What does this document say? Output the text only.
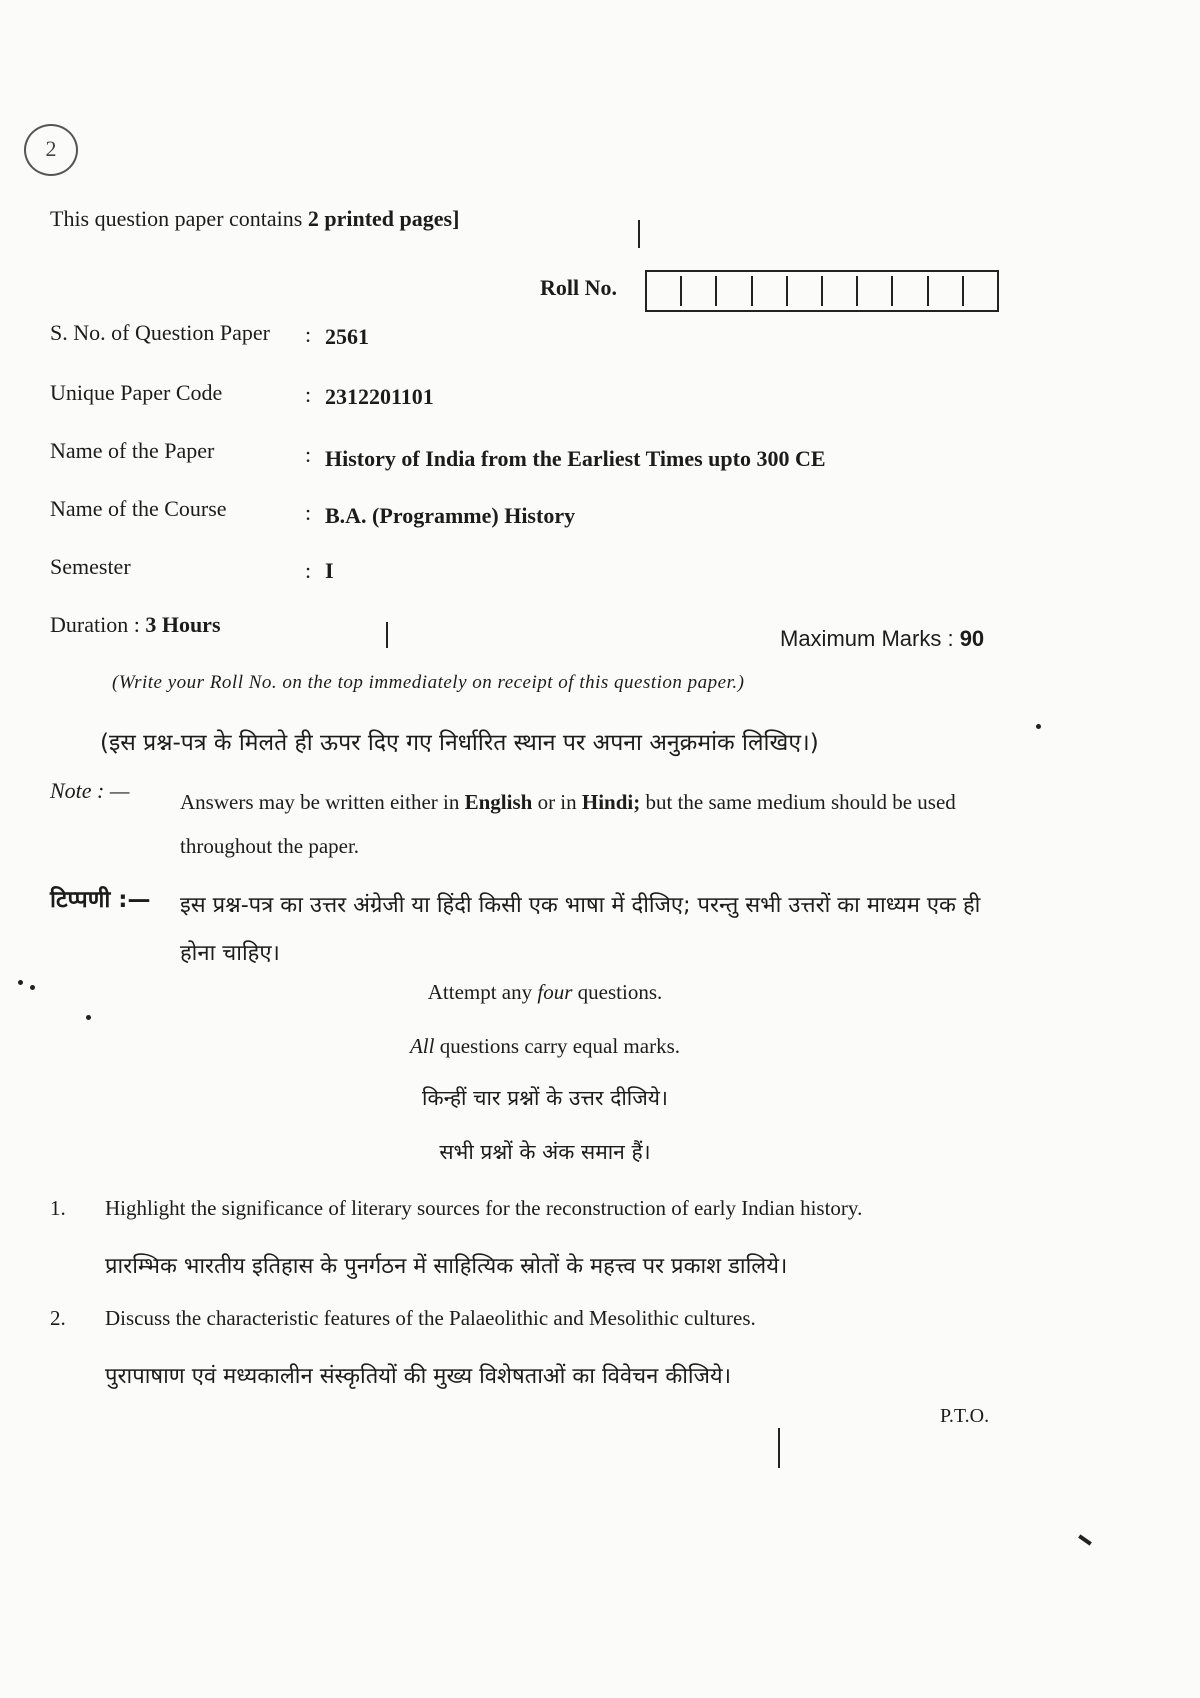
2
This question paper contains 2 printed pages]
Roll No.
S. No. of Question Paper : 2561
Unique Paper Code	: 2312201101
Name of the Paper	: History of India from the Earliest Times upto 300 CE
Name of the Course	: B.A. (Programme) History
Semester	: I
Duration : 3 Hours
Maximum Marks : 90
(Write your Roll No. on the top immediately on receipt of this question paper.)
(इस प्रश्न-पत्र के मिलते ही ऊपर दिए गए निर्धारित स्थान पर अपना अनुक्रमांक लिखिए।)
Note : — Answers may be written either in English or in Hindi; but the same medium should be used throughout the paper.
टिप्पणी :— इस प्रश्न-पत्र का उत्तर अंग्रेजी या हिंदी किसी एक भाषा में दीजिए; परन्तु सभी उत्तरों का माध्यम एक ही होना चाहिए।
Attempt any four questions.
All questions carry equal marks.
किन्हीं चार प्रश्नों के उत्तर दीजिये।
सभी प्रश्नों के अंक समान हैं।
1. Highlight the significance of literary sources for the reconstruction of early Indian history.
प्रारम्भिक भारतीय इतिहास के पुनर्गठन में साहित्यिक स्रोतों के महत्त्व पर प्रकाश डालिये।
2. Discuss the characteristic features of the Palaeolithic and Mesolithic cultures.
पुरापाषाण एवं मध्यकालीन संस्कृतियों की मुख्य विशेषताओं का विवेचन कीजिये।
P.T.O.
